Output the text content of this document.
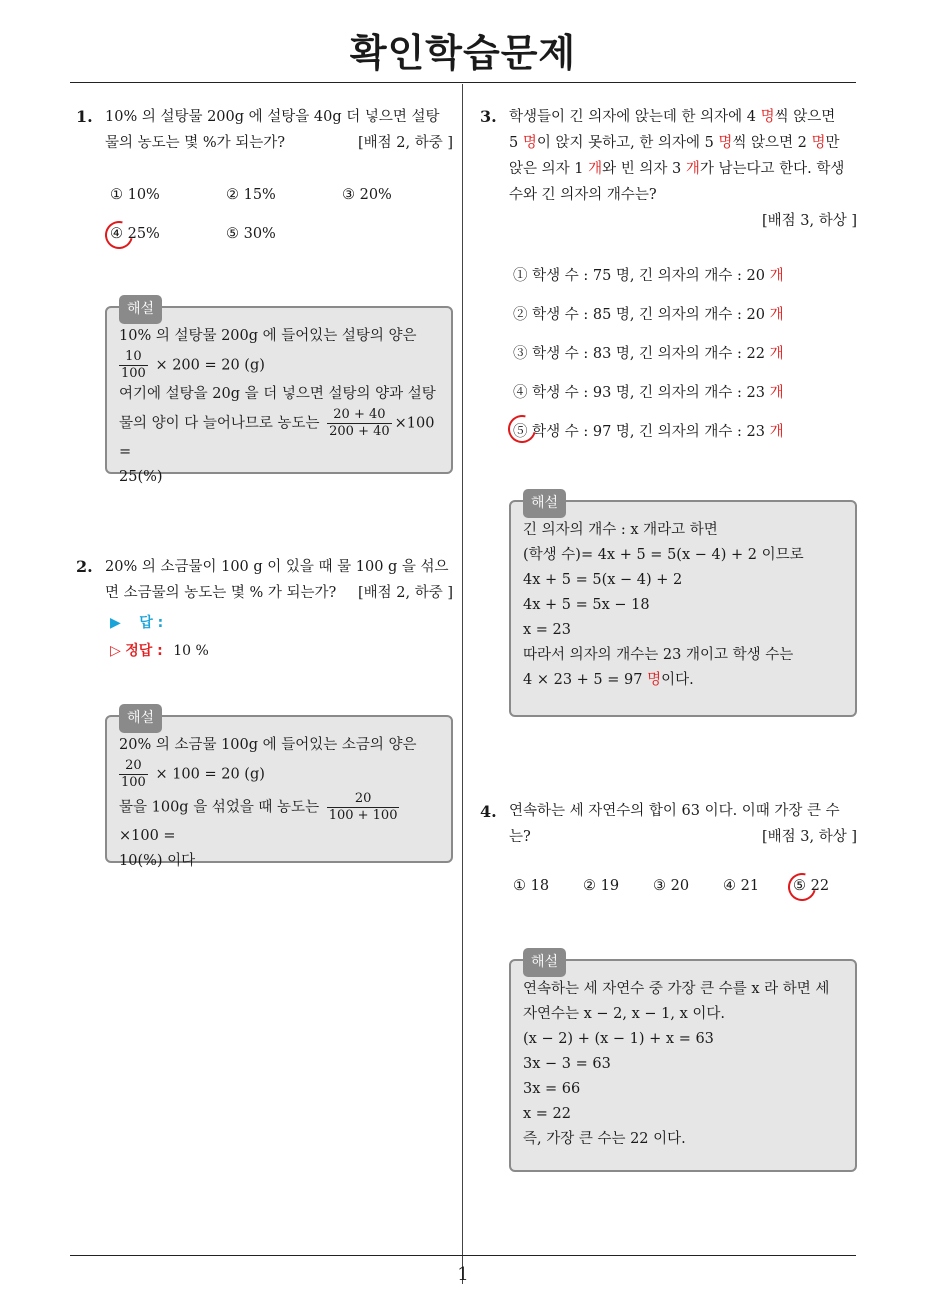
확인학습문제
1
1. 10% 의 설탕물 200g 에 설탕을 40g 더 넣으면 설탕물의 농도는 몇 %가 되는가?	[배점 2, 하중 ]
① 10%	② 15%	③ 20%
④ 25%	⑤ 30%
해설
10% 의 설탕물 200g 에 들어있는 설탕의 양은
$\frac{10}{100} \times 200 = 20$ (g)
여기에 설탕을 20g 을 더 넣으면 설탕의 양과 설탕
물의 양이 다 늘어나므로 농도는 $\frac{20 + 40}{200 + 40} \times 100$ =
25(%)
2. 20% 의 소금물이 100 g 이 있을 때 물 100 g 을 섞으면 소금물의 농도는 몇 % 가 되는가?	[배점 2, 하중 ]
▶ 답 :
▷ 정답 : 10 %
해설
20% 의 소금물 100g 에 들어있는 소금의 양은
$\frac{20}{100} \times 100 = 20$ (g)
물을 100g 을 섞었을 때 농도는 $\frac{20}{100 + 100}$
×100 =
10(%) 이다
3. 학생들이 긴 의자에 앉는데 한 의자에 4 명씩 앉으면
5 명이 앉지 못하고, 한 의자에 5 명씩 앉으면 2 명만
앉은 의자 1 개와 빈 의자 3 개가 남는다고 한다. 학생
수와 긴 의자의 개수는?
[배점 3, 하상 ]
① 학생 수 : 75 명, 긴 의자의 개수 : 20 개
② 학생 수 : 85 명, 긴 의자의 개수 : 20 개
③ 학생 수 : 83 명, 긴 의자의 개수 : 22 개
④ 학생 수 : 93 명, 긴 의자의 개수 : 23 개
⑤ 학생 수 : 97 명, 긴 의자의 개수 : 23 개
해설
긴 의자의 개수 : x 개라고 하면
(학생 수)= 4x + 5 = 5(x − 4) + 2 이므로
4x + 5 = 5(x − 4) + 2
4x + 5 = 5x − 18
x = 23
따라서 의자의 개수는 23 개이고 학생 수는
4 × 23 + 5 = 97 명이다.
4. 연속하는 세 자연수의 합이 63 이다. 이때 가장 큰 수
는?	[배점 3, 하상 ]
① 18 ② 19 ③ 20 ④ 21 ⑤ 22
해설
연속하는 세 자연수 중 가장 큰 수를 x 라 하면 세
자연수는 x − 2, x − 1, x 이다.
(x − 2) + (x − 1) + x = 63
3x − 3 = 63
3x = 66
x = 22
즉, 가장 큰 수는 22 이다.
